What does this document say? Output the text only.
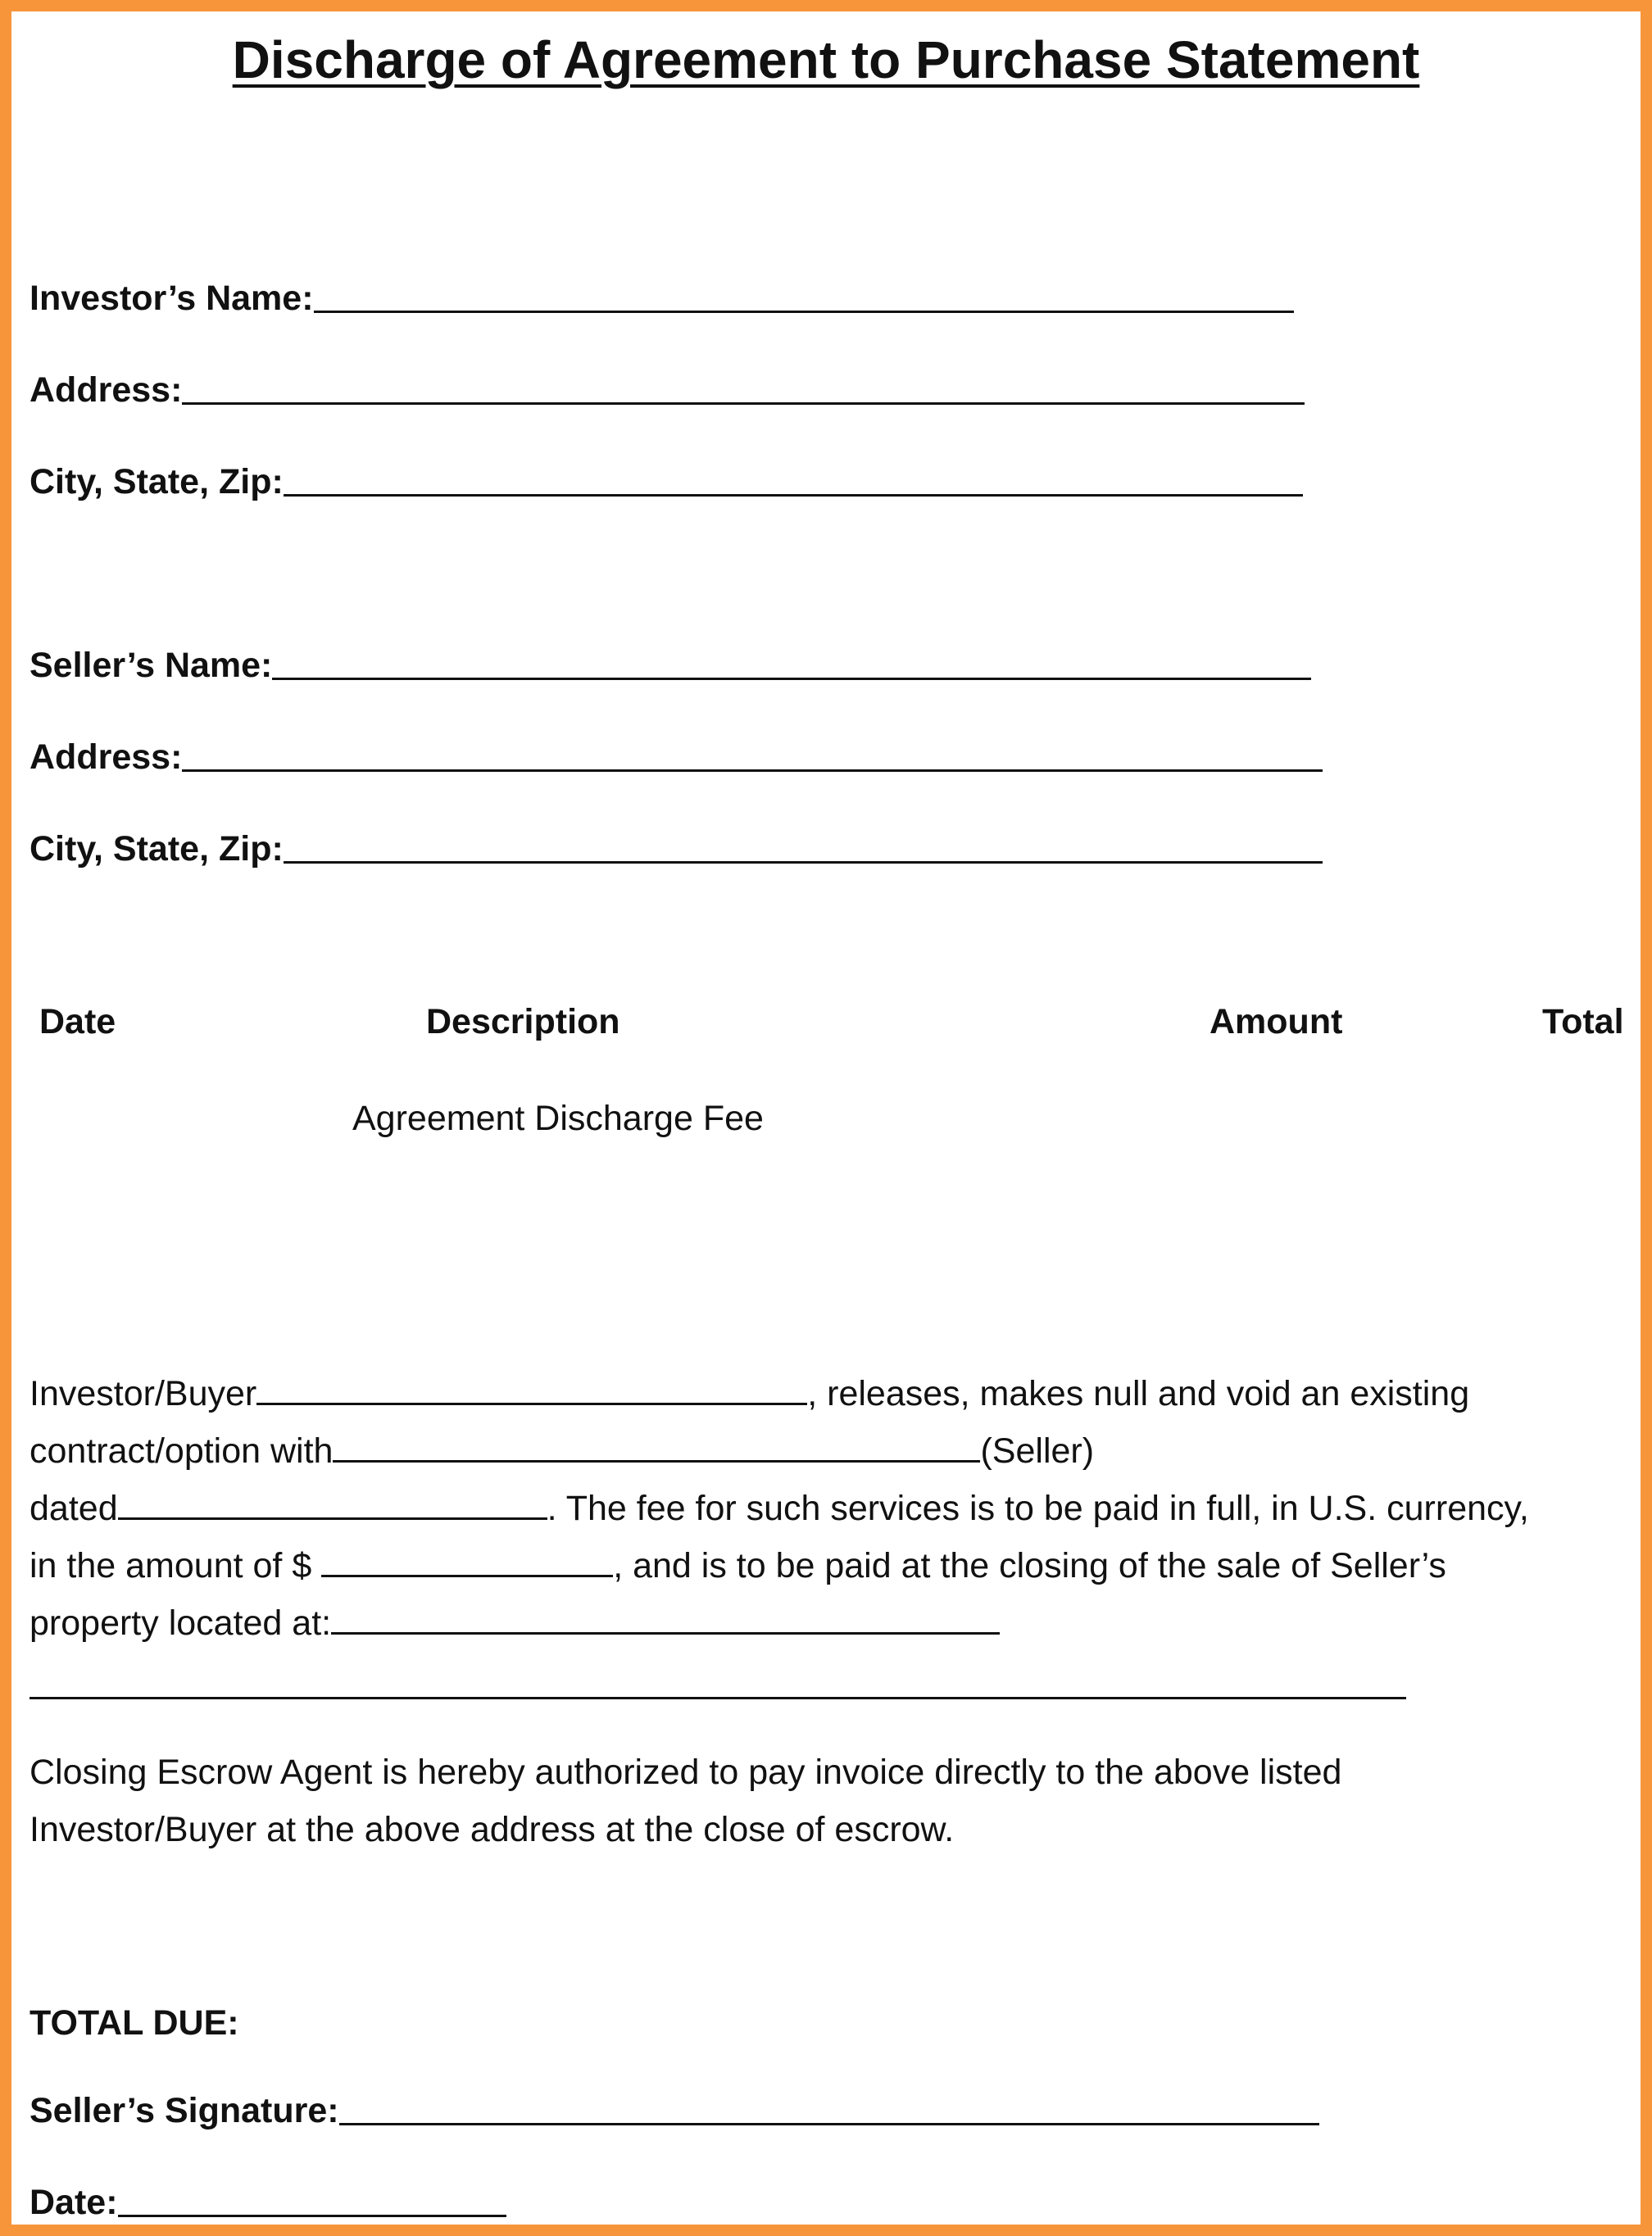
Discharge of Agreement to Purchase Statement
Investor’s Name:
Address:
City, State, Zip:
Seller’s Name:
Address:
City, State, Zip:
Date	Description	Amount	Total
Agreement Discharge Fee
Investor/Buyer	, releases, makes null and void an existing
contract/option with	(Seller)
dated	. The fee for such services is to be paid in full, in U.S. currency,
in the amount of $	, and is to be paid at the closing of the sale of Seller’s
property located at:
Closing Escrow Agent is hereby authorized to pay invoice directly to the above listed
Investor/Buyer at the above address at the close of escrow.
TOTAL DUE:
Seller’s Signature:
Date:
